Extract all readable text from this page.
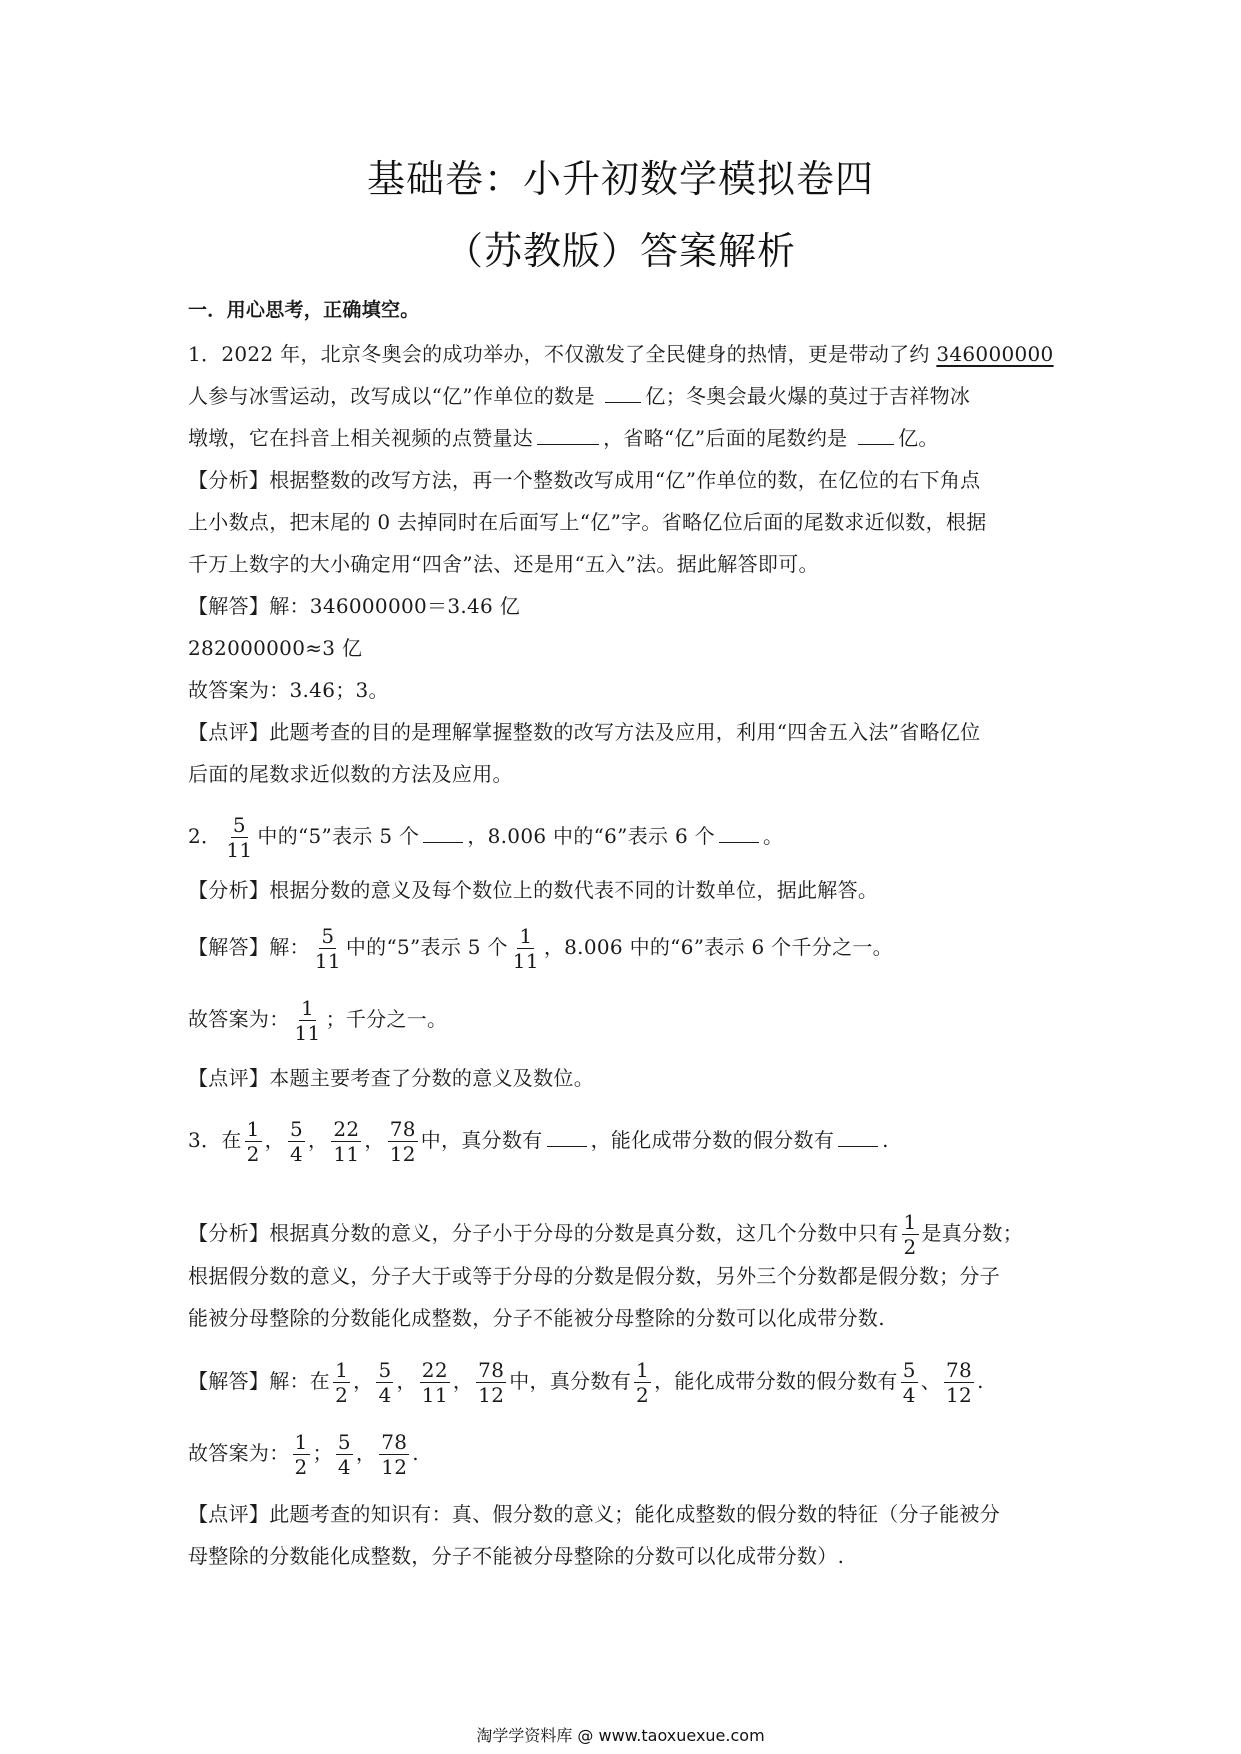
基础卷：小升初数学模拟卷四
（苏教版）答案解析
一．用心思考，正确填空。
1．2022 年，北京冬奥会的成功举办，不仅激发了全民健身的热情，更是带动了约 346000000
人参与冰雪运动，改写成以“亿”作单位的数是 亿；冬奥会最火爆的莫过于吉祥物冰
墩墩，它在抖音上相关视频的点赞量达	，省略“亿”后面的尾数约是 亿。
【分析】根据整数的改写方法，再一个整数改写成用“亿”作单位的数，在亿位的右下角点
上小数点，把末尾的 0 去掉同时在后面写上“亿”字。省略亿位后面的尾数求近似数，根据
千万上数字的大小确定用“四舍”法、还是用“五入”法。据此解答即可。
【解答】解：346000000＝3.46 亿
282000000≈3 亿
故答案为：3.46；3。
【点评】此题考查的目的是理解掌握整数的改写方法及应用，利用“四舍五入法”省略亿位
后面的尾数求近似数的方法及应用。
2． $\frac{5}{11}$ 中的“5”表示 5 个 ，8.006 中的“6”表示 6 个 。
【分析】根据分数的意义及每个数位上的数代表不同的计数单位，据此解答。
【解答】解： $\frac{5}{11}$ 中的“5”表示 5 个 $\frac{1}{11}$ ，8.006 中的“6”表示 6 个千分之一。
故答案为： $\frac{1}{11}$ ；千分之一。
【点评】本题主要考查了分数的意义及数位。
3．在 $\frac{1}{2}$ ， $\frac{5}{4}$ ， $\frac{22}{11}$ ， $\frac{78}{12}$ 中，真分数有 ，能化成带分数的假分数有 .
【分析】根据真分数的意义，分子小于分母的分数是真分数，这几个分数中只有 $\frac{1}{2}$ 是真分数；
根据假分数的意义，分子大于或等于分母的分数是假分数，另外三个分数都是假分数；分子
能被分母整除的分数能化成整数，分子不能被分母整除的分数可以化成带分数.
【解答】解：在 $\frac{1}{2}$ ， $\frac{5}{4}$ ， $\frac{22}{11}$ ， $\frac{78}{12}$ 中，真分数有 $\frac{1}{2}$ ，能化成带分数的假分数有 $\frac{5}{4}$ 、 $\frac{78}{12}$ .
故答案为： $\frac{1}{2}$ ； $\frac{5}{4}$ ， $\frac{78}{12}$ .
【点评】此题考查的知识有：真、假分数的意义；能化成整数的假分数的特征（分子能被分
母整除的分数能化成整数，分子不能被分母整除的分数可以化成带分数）.
淘学学资料库 @ www.taoxuexue.com
